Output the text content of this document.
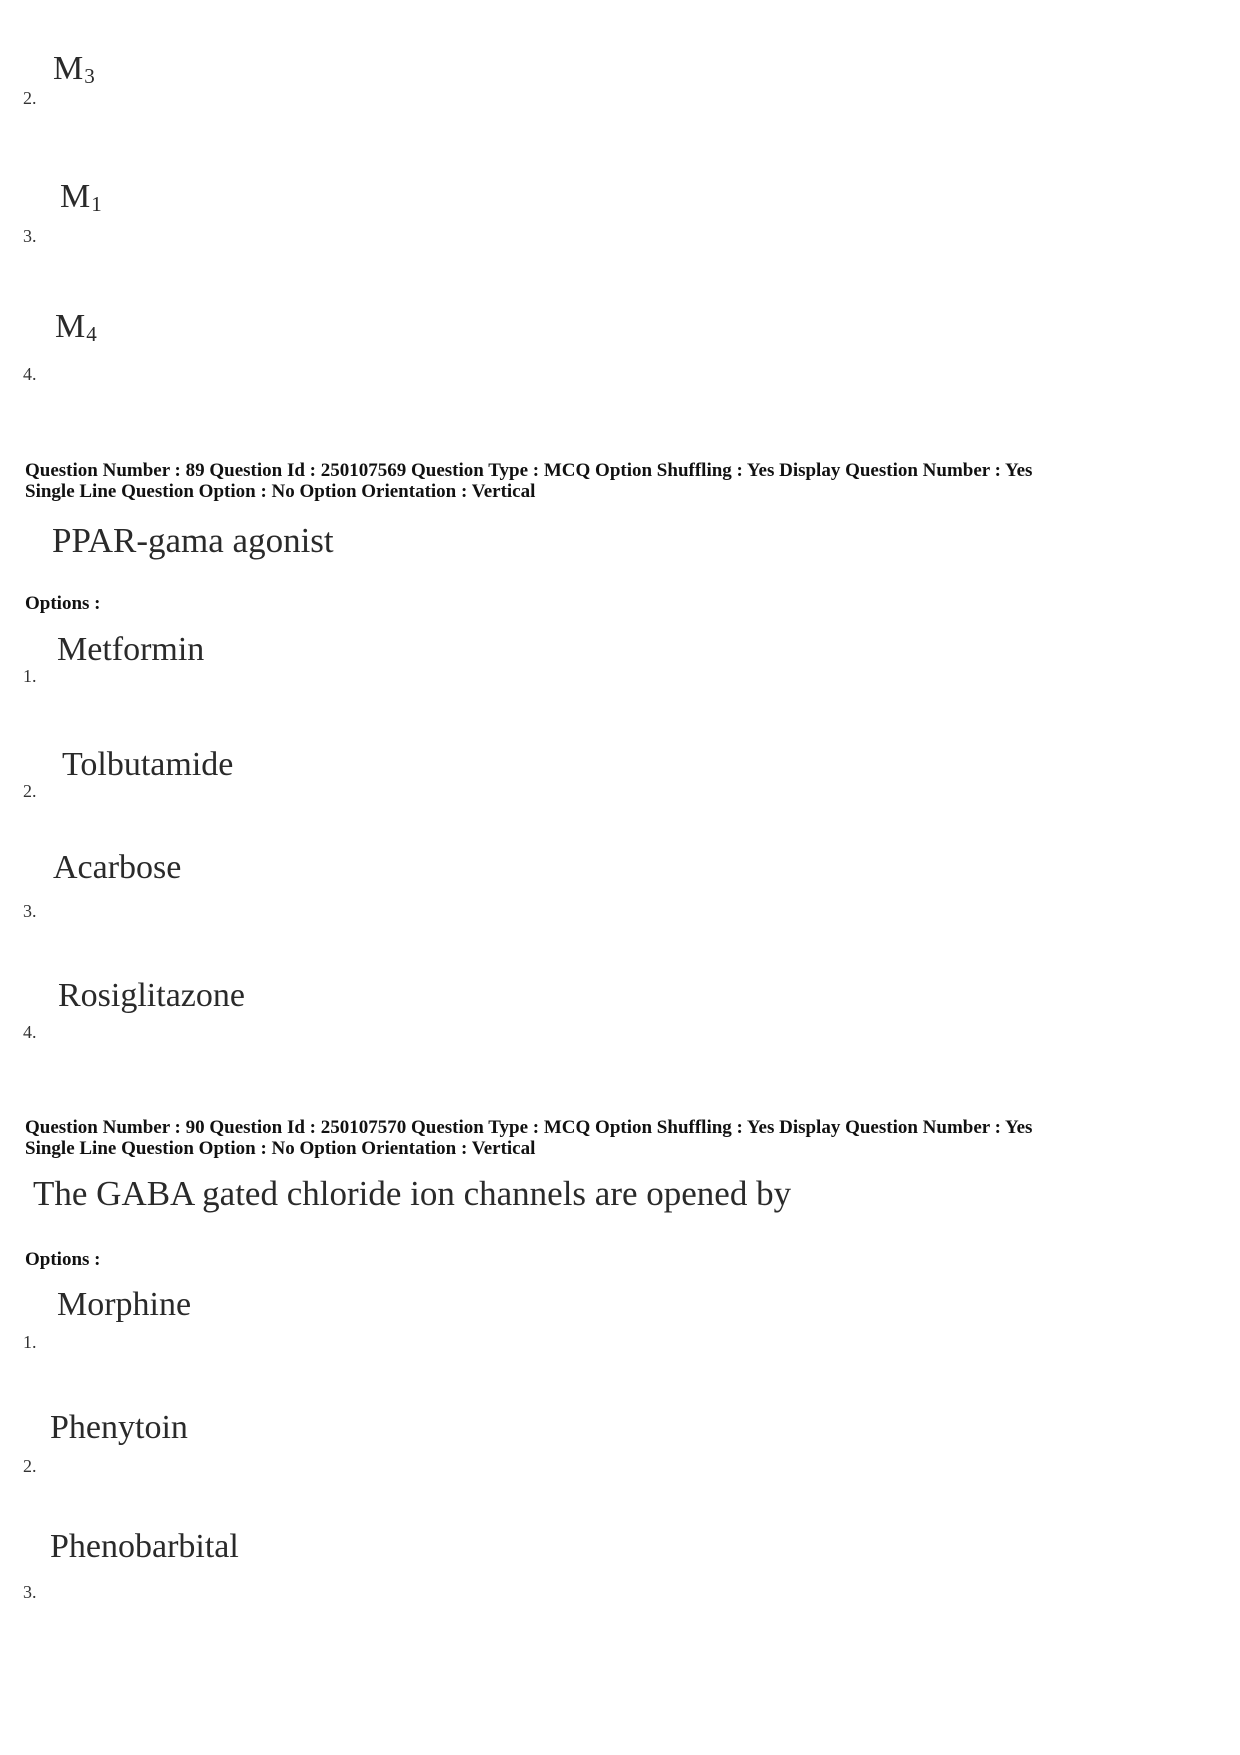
$M_3$
2.
$M_1$
3.
$M_4$
4.
Question Number : 89 Question Id : 250107569 Question Type : MCQ Option Shuffling : Yes Display Question Number : Yes
Single Line Question Option : No Option Orientation : Vertical
PPAR-gama agonist
Options :
Metformin
1.
Tolbutamide
2.
Acarbose
3.
Rosiglitazone
4.
Question Number : 90 Question Id : 250107570 Question Type : MCQ Option Shuffling : Yes Display Question Number : Yes
Single Line Question Option : No Option Orientation : Vertical
The GABA gated chloride ion channels are opened by
Options :
Morphine
1.
Phenytoin
2.
Phenobarbital
3.
